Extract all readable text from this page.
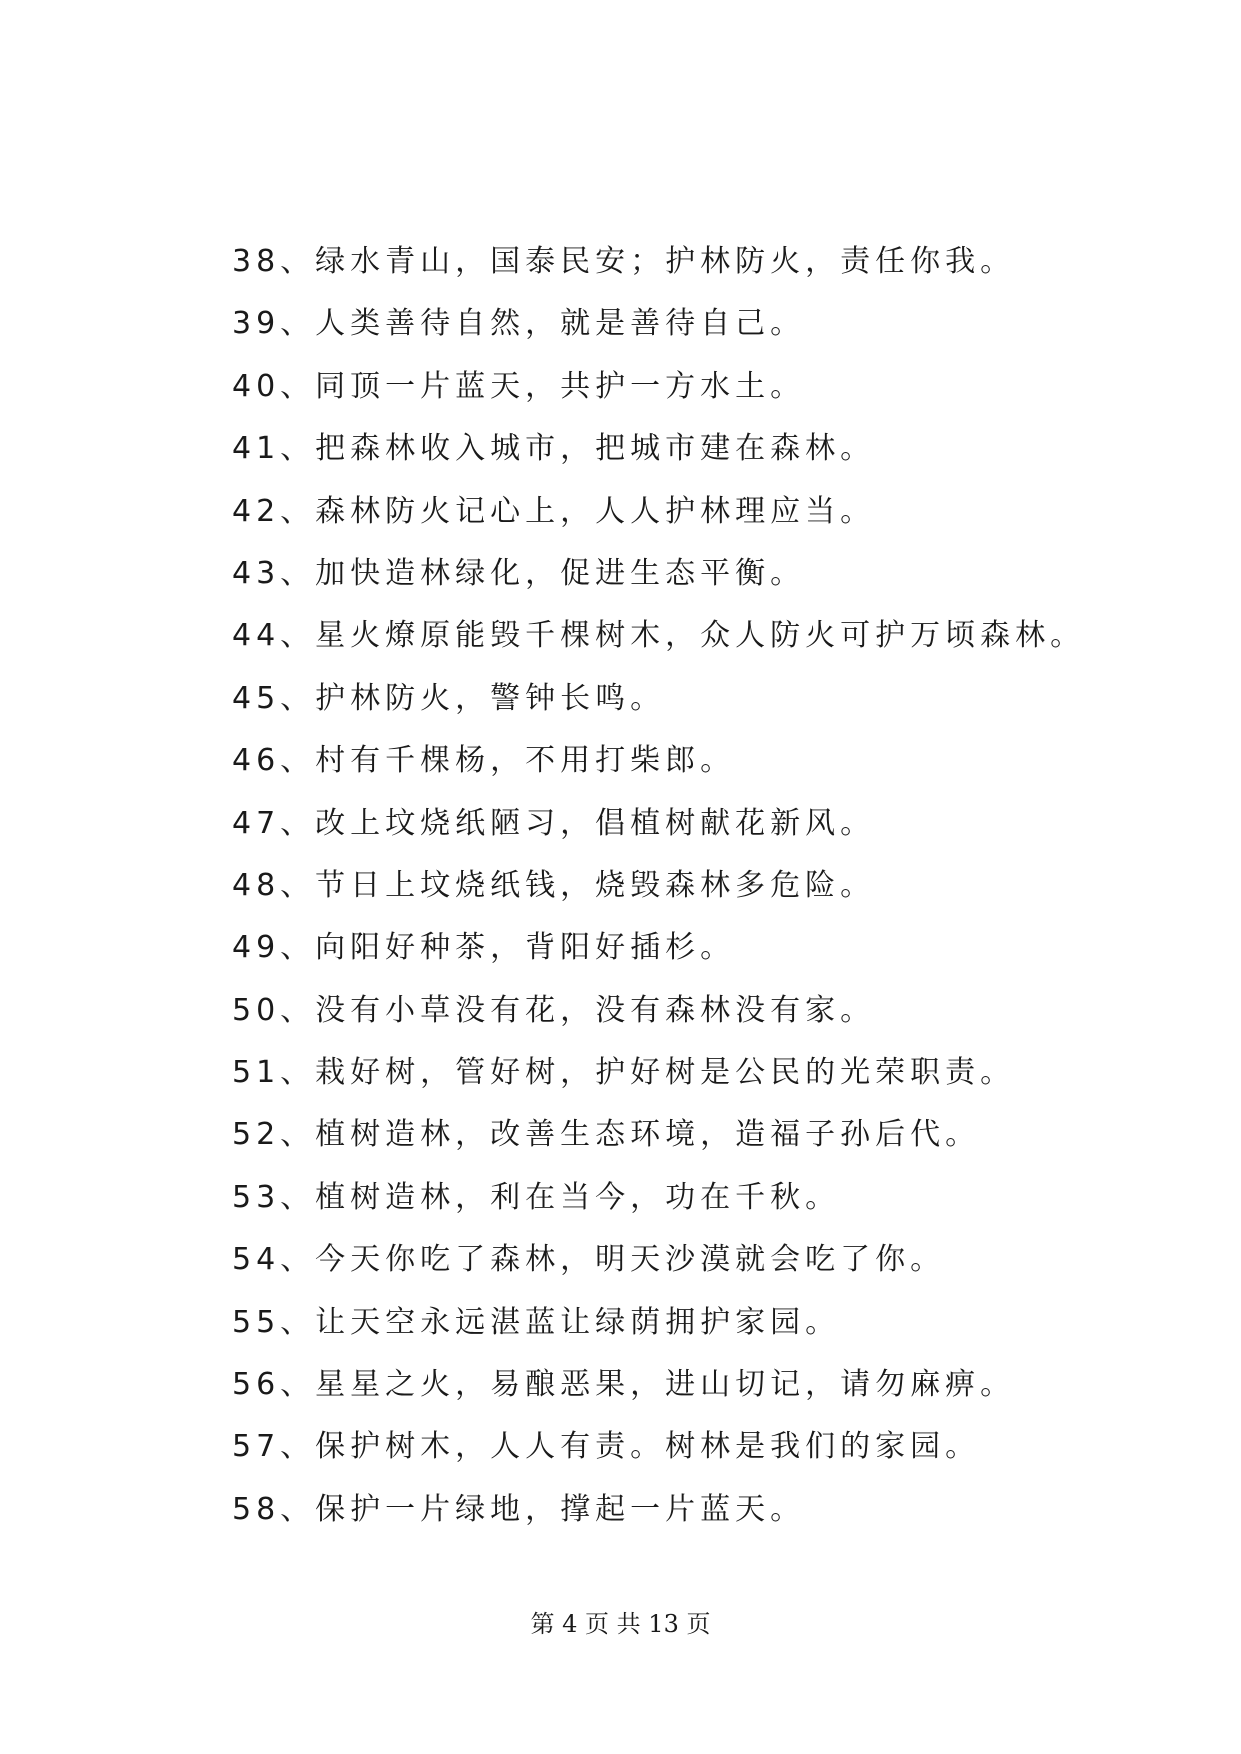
38、绿水青山，国泰民安；护林防火，责任你我。
39、人类善待自然，就是善待自己。
40、同顶一片蓝天，共护一方水土。
41、把森林收入城市，把城市建在森林。
42、森林防火记心上，人人护林理应当。
43、加快造林绿化，促进生态平衡。
44、星火燎原能毁千棵树木，众人防火可护万顷森林。
45、护林防火，警钟长鸣。
46、村有千棵杨，不用打柴郎。
47、改上坟烧纸陋习，倡植树献花新风。
48、节日上坟烧纸钱，烧毁森林多危险。
49、向阳好种茶，背阳好插杉。
50、没有小草没有花，没有森林没有家。
51、栽好树，管好树，护好树是公民的光荣职责。
52、植树造林，改善生态环境，造福子孙后代。
53、植树造林，利在当今，功在千秋。
54、今天你吃了森林，明天沙漠就会吃了你。
55、让天空永远湛蓝让绿荫拥护家园。
56、星星之火，易酿恶果，进山切记，请勿麻痹。
57、保护树木，人人有责。树林是我们的家园。
58、保护一片绿地，撑起一片蓝天。
第 4 页 共 13 页
